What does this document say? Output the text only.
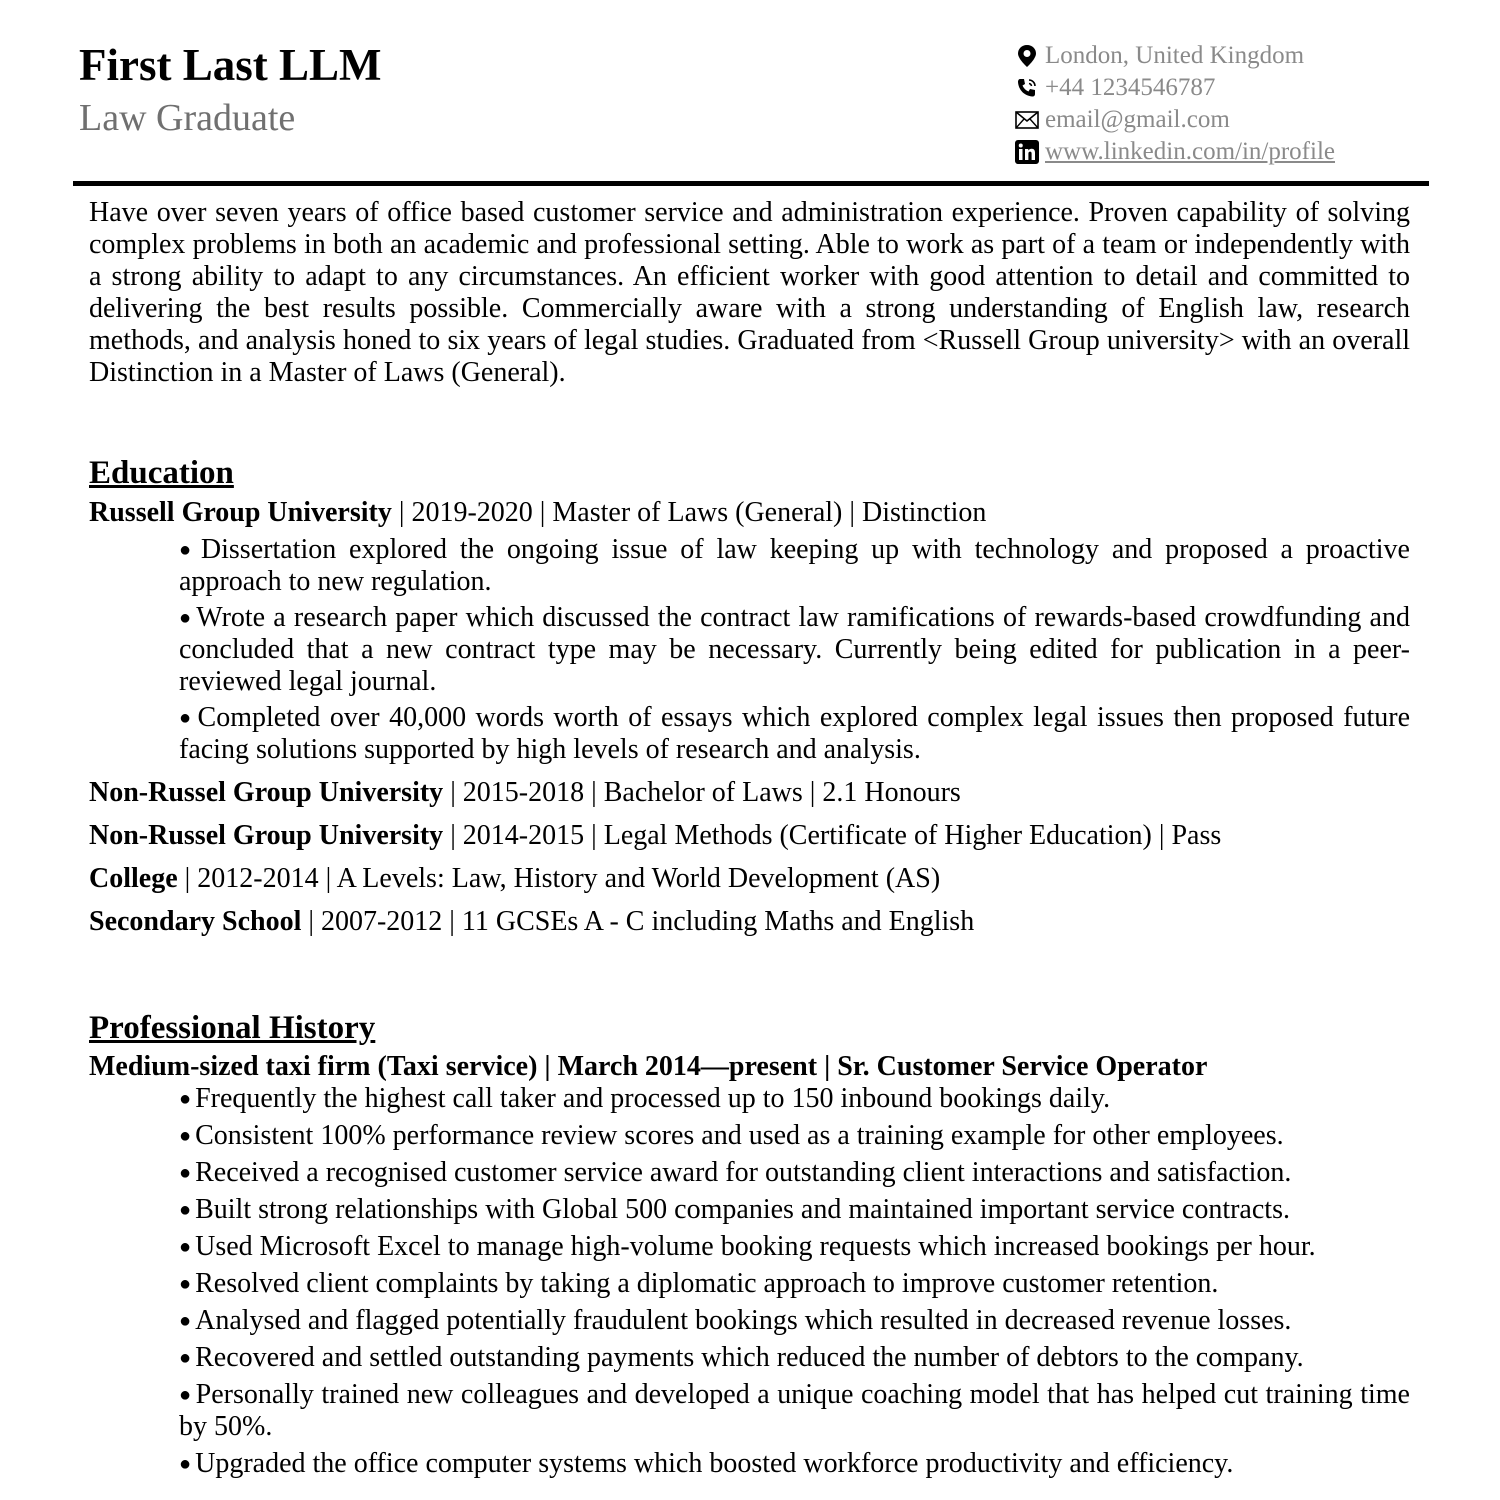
First Last LLM
Law Graduate
London, United Kingdom
+44 1234546787
email@gmail.com
www.linkedin.com/in/profile

Have over seven years of office based customer service and administration experience. Proven capability of solving complex problems in both an academic and professional setting. Able to work as part of a team or independently with a strong ability to adapt to any circumstances. An efficient worker with good attention to detail and committed to delivering the best results possible. Commercially aware with a strong understanding of English law, research methods, and analysis honed to six years of legal studies. Graduated from <Russell Group university> with an overall Distinction in a Master of Laws (General).

Education
Russell Group University | 2019-2020 | Master of Laws (General) | Distinction
● Dissertation explored the ongoing issue of law keeping up with technology and proposed a proactive approach to new regulation.
● Wrote a research paper which discussed the contract law ramifications of rewards-based crowdfunding and concluded that a new contract type may be necessary. Currently being edited for publication in a peer-reviewed legal journal.
● Completed over 40,000 words worth of essays which explored complex legal issues then proposed future facing solutions supported by high levels of research and analysis.
Non-Russel Group University | 2015-2018 | Bachelor of Laws | 2.1 Honours
Non-Russel Group University | 2014-2015 | Legal Methods (Certificate of Higher Education) | Pass
College | 2012-2014 | A Levels: Law, History and World Development (AS)
Secondary School | 2007-2012 | 11 GCSEs A - C including Maths and English
Professional History
Medium-sized taxi firm (Taxi service) | March 2014—present | Sr. Customer Service Operator
● Frequently the highest call taker and processed up to 150 inbound bookings daily.
● Consistent 100% performance review scores and used as a training example for other employees.
● Received a recognised customer service award for outstanding client interactions and satisfaction.
● Built strong relationships with Global 500 companies and maintained important service contracts.
● Used Microsoft Excel to manage high-volume booking requests which increased bookings per hour.
● Resolved client complaints by taking a diplomatic approach to improve customer retention.
● Analysed and flagged potentially fraudulent bookings which resulted in decreased revenue losses.
● Recovered and settled outstanding payments which reduced the number of debtors to the company.
● Personally trained new colleagues and developed a unique coaching model that has helped cut training time by 50%.
● Upgraded the office computer systems which boosted workforce productivity and efficiency.
